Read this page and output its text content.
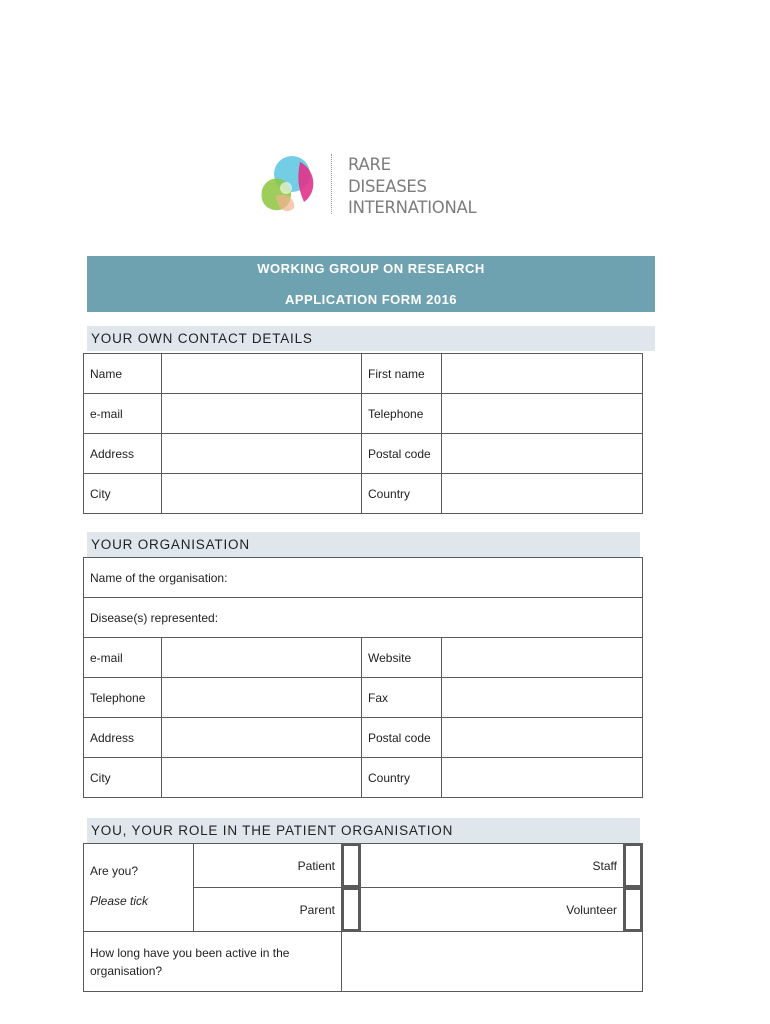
RARE
DISEASES
INTERNATIONAL
WORKING GROUP ON RESEARCH
APPLICATION FORM 2016
YOUR OWN CONTACT DETAILS
Name		First name	
e-mail		Telephone	
Address		Postal code	
City		Country	
YOUR ORGANISATION
Name of the organisation:			
Disease(s) represented:			
e-mail		Website	
Telephone		Fax	
Address		Postal code	
City		Country	
YOU, YOUR ROLE IN THE PATIENT ORGANISATION
Are you?
Please tick	Patient		Staff	

	Parent		Volunteer	

How long have you been active in the organisation?				
